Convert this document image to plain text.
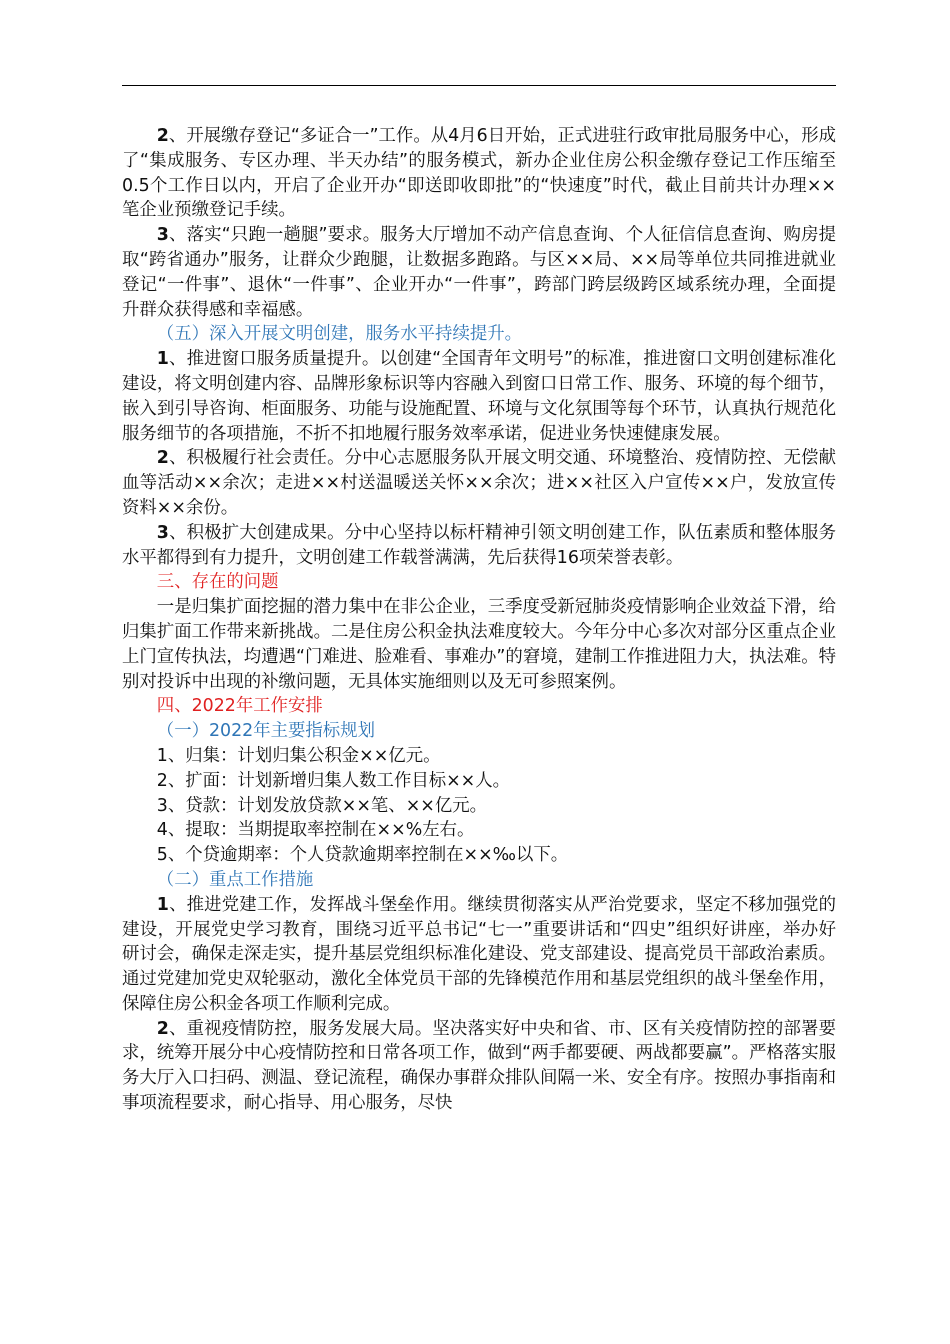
2、开展缴存登记“多证合一”工作。从4月6日开始，正式进驻行政审批局服务中心，形成了“集成服务、专区办理、半天办结”的服务模式，新办企业住房公积金缴存登记工作压缩至0.5个工作日以内，开启了企业开办“即送即收即批”的“快速度”时代，截止目前共计办理××笔企业预缴登记手续。

3、落实“只跑一趟腿”要求。服务大厅增加不动产信息查询、个人征信信息查询、购房提取“跨省通办”服务，让群众少跑腿，让数据多跑路。与区××局、××局等单位共同推进就业登记“一件事”、退休“一件事”、企业开办“一件事”，跨部门跨层级跨区域系统办理，全面提升群众获得感和幸福感。

（五）深入开展文明创建，服务水平持续提升。

1、推进窗口服务质量提升。以创建“全国青年文明号”的标准，推进窗口文明创建标准化建设，将文明创建内容、品牌形象标识等内容融入到窗口日常工作、服务、环境的每个细节，嵌入到引导咨询、柜面服务、功能与设施配置、环境与文化氛围等每个环节，认真执行规范化服务细节的各项措施，不折不扣地履行服务效率承诺，促进业务快速健康发展。

2、积极履行社会责任。分中心志愿服务队开展文明交通、环境整治、疫情防控、无偿献血等活动××余次；走进××村送温暖送关怀××余次；进××社区入户宣传××户，发放宣传资料××余份。

3、积极扩大创建成果。分中心坚持以标杆精神引领文明创建工作，队伍素质和整体服务水平都得到有力提升，文明创建工作载誉满满，先后获得16项荣誉表彰。

三、存在的问题

一是归集扩面挖掘的潜力集中在非公企业，三季度受新冠肺炎疫情影响企业效益下滑，给归集扩面工作带来新挑战。二是住房公积金执法难度较大。今年分中心多次对部分区重点企业上门宣传执法，均遭遇“门难进、脸难看、事难办”的窘境，建制工作推进阻力大，执法难。特别对投诉中出现的补缴问题，无具体实施细则以及无可参照案例。

四、2022年工作安排

（一）2022年主要指标规划

1、归集：计划归集公积金××亿元。

2、扩面：计划新增归集人数工作目标××人。

3、贷款：计划发放贷款××笔、××亿元。

4、提取：当期提取率控制在××%左右。

5、个贷逾期率：个人贷款逾期率控制在××‰以下。

（二）重点工作措施

1、推进党建工作，发挥战斗堡垒作用。继续贯彻落实从严治党要求，坚定不移加强党的建设，开展党史学习教育，围绕习近平总书记“七一”重要讲话和“四史”组织好讲座，举办好研讨会，确保走深走实，提升基层党组织标准化建设、党支部建设、提高党员干部政治素质。通过党建加党史双轮驱动，激化全体党员干部的先锋模范作用和基层党组织的战斗堡垒作用，保障住房公积金各项工作顺利完成。

2、重视疫情防控，服务发展大局。坚决落实好中央和省、市、区有关疫情防控的部署要求，统筹开展分中心疫情防控和日常各项工作，做到“两手都要硬、两战都要赢”。严格落实服务大厅入口扫码、测温、登记流程，确保办事群众排队间隔一米、安全有序。按照办事指南和事项流程要求，耐心指导、用心服务，尽快
